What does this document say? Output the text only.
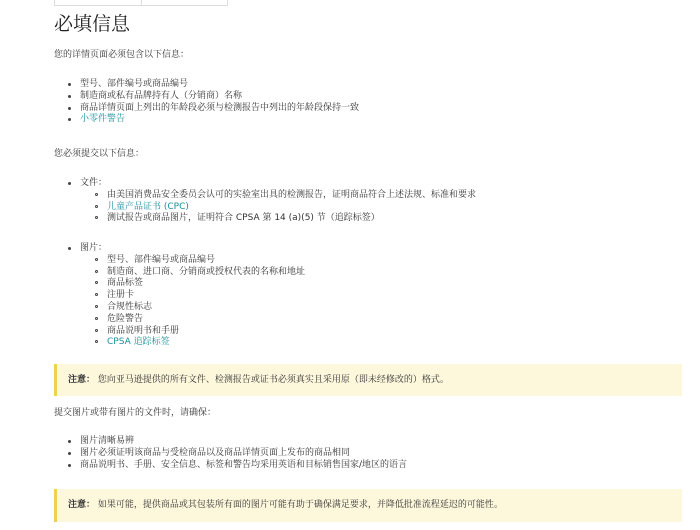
必填信息
您的详情页面必须包含以下信息：
型号、部件编号或商品编号
制造商或私有品牌持有人（分销商）名称
商品详情页面上列出的年龄段必须与检测报告中列出的年龄段保持一致
小零件警告
您必须提交以下信息：
文件：
由美国消费品安全委员会认可的实验室出具的检测报告，证明商品符合上述法规、标准和要求
儿童产品证书 (CPC)
测试报告或商品图片，证明符合 CPSA 第 14 (a)(5) 节（追踪标签）
图片：
型号、部件编号或商品编号
制造商、进口商、分销商或授权代表的名称和地址
商品标签
注册卡
合规性标志
危险警告
商品说明书和手册
CPSA 追踪标签
注意： 您向亚马逊提供的所有文件、检测报告或证书必须真实且采用原（即未经修改的）格式。
提交图片或带有图片的文件时，请确保：
图片清晰易辨
图片必须证明该商品与受检商品以及商品详情页面上发布的商品相同
商品说明书、手册、安全信息、标签和警告均采用英语和目标销售国家/地区的语言
注意： 如果可能，提供商品或其包装所有面的图片可能有助于确保满足要求，并降低批准流程延迟的可能性。
